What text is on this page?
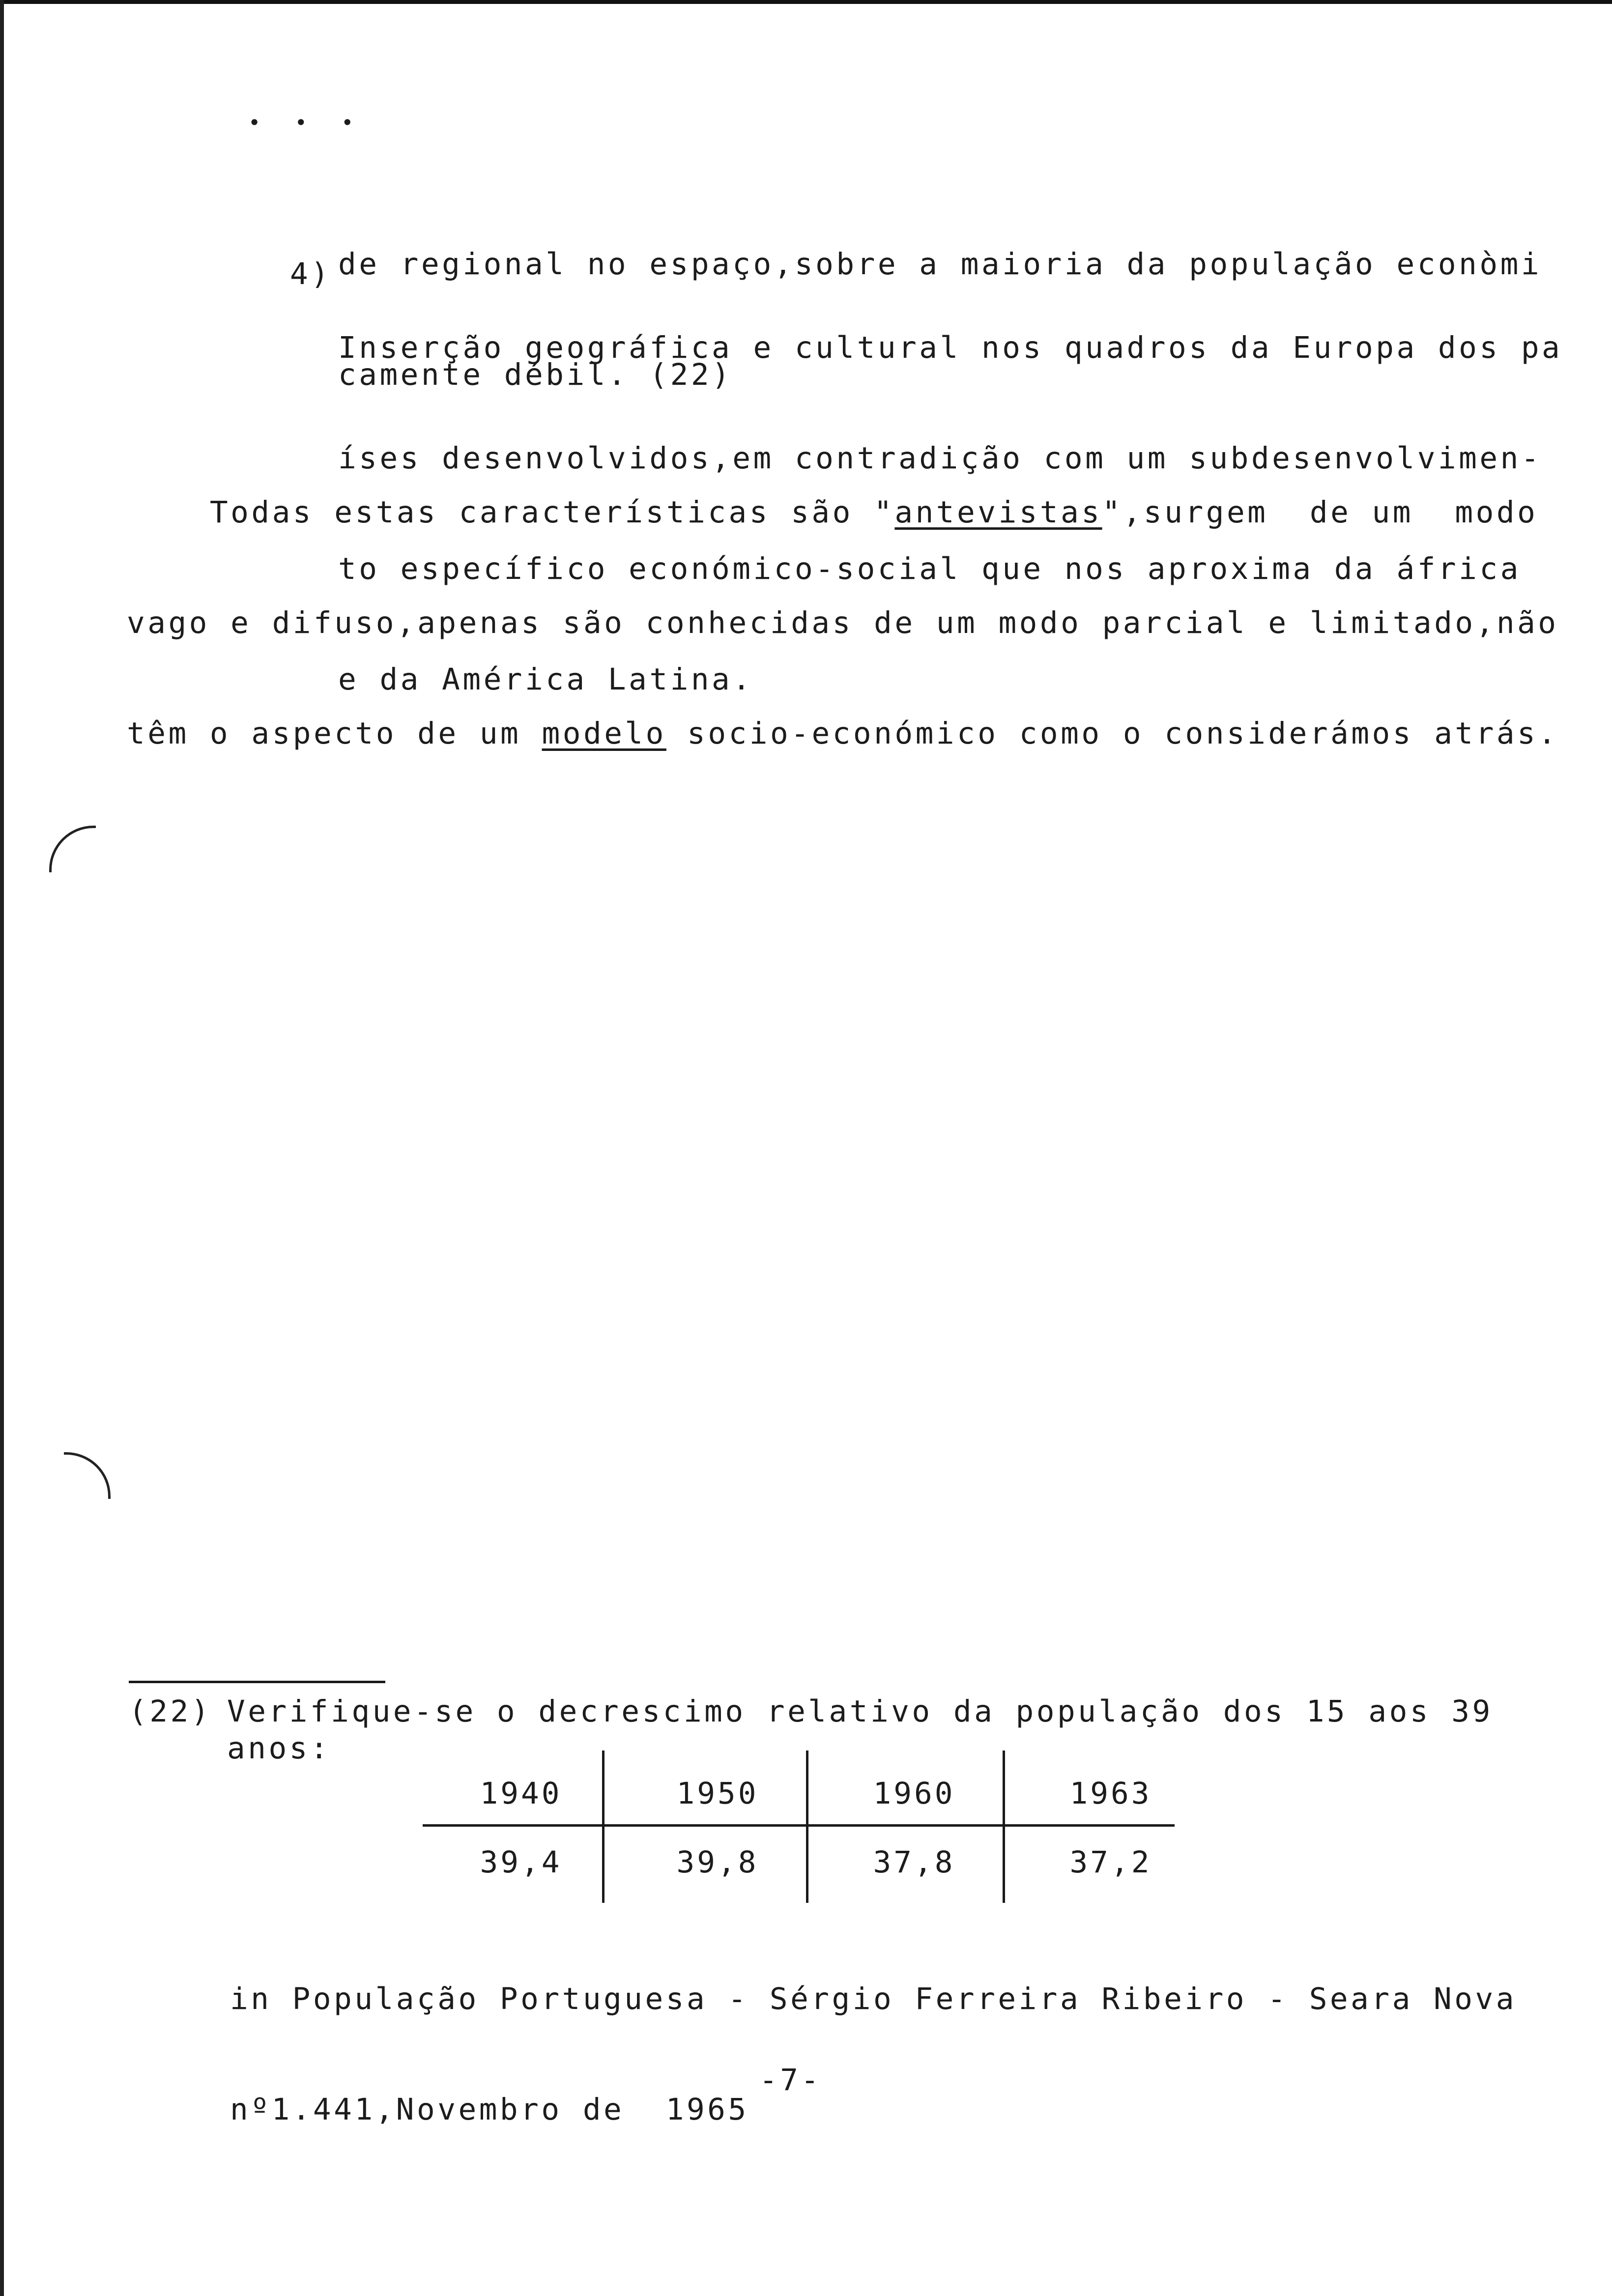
• • •

de regional no espaço,sobre a maioria da população econòmi

camente débil. (22)

4)

Inserção geográfica e cultural nos quadros da Europa dos pa

íses desenvolvidos,em contradição com um subdesenvolvimen-

to específico económico-social que nos aproxima da áfrica

e da América Latina.

Todas estas características são "antevistas",surgem  de um  modo

vago e difuso,apenas são conhecidas de um modo parcial e limitado,não

têm o aspecto de um modelo socio-económico como o considerámos atrás.

(22)

Verifique-se o decrescimo relativo da população dos 15 aos 39

anos:

1940	1950	1960	1963
39,4	39,8	37,8	37,2

in População Portuguesa - Sérgio Ferreira Ribeiro - Seara Nova

nº1.441,Novembro de  1965

-7-
